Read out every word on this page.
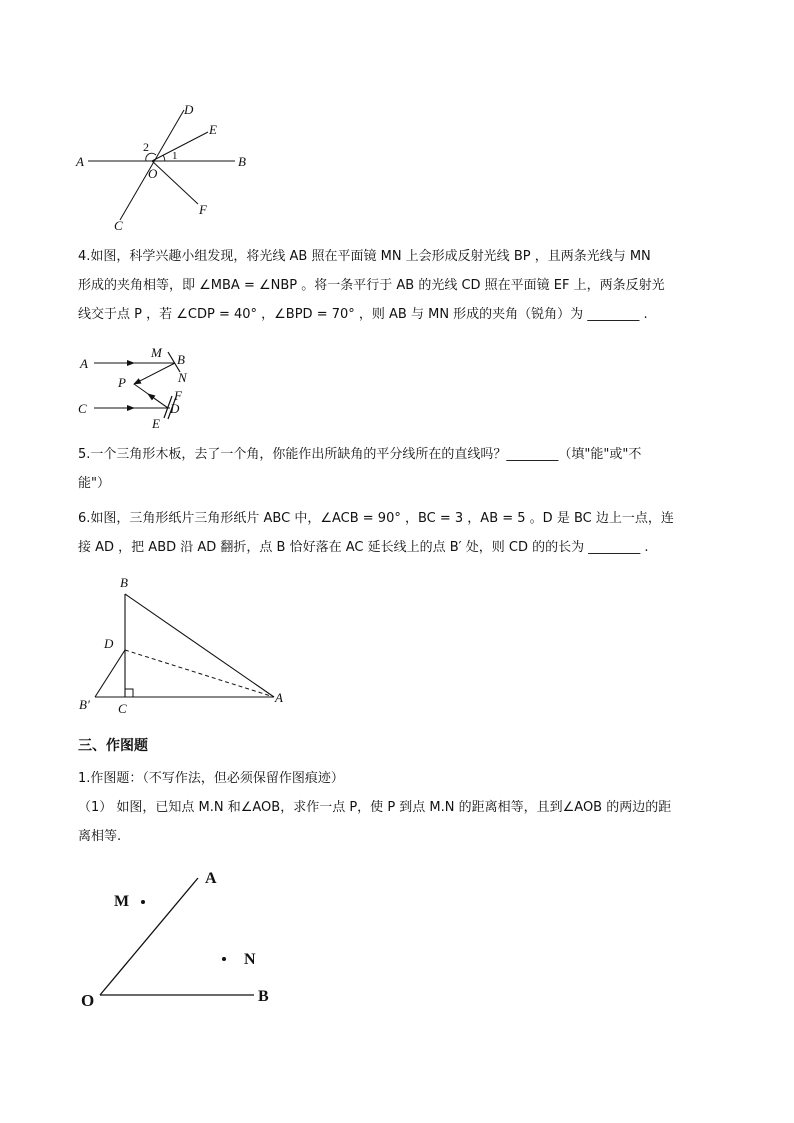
A	B
C
D
E
F
O
1
2
4.如图，科学兴趣小组发现，将光线 AB 照在平面镜 MN 上会形成反射光线 BP ，且两条光线与 MN
形成的夹角相等，即 ∠MBA = ∠NBP 。将一条平行于 AB 的光线 CD 照在平面镜 EF 上，两条反射光
线交于点 P ，若 ∠CDP = 40° ，∠BPD = 70° ，则 AB 与 MN 形成的夹角（锐角）为 ________ .
A
M B
N
P
F
C	D
E
5.一个三角形木板，去了一个角，你能作出所缺角的平分线所在的直线吗？________（填"能"或"不
能"）
6.如图，三角形纸片三角形纸片 ABC 中，∠ACB = 90° ，BC = 3 ，AB = 5 。D 是 BC 边上一点，连
接 AD ，把 ABD 沿 AD 翻折，点 B 恰好落在 AC 延长线上的点 B′ 处，则 CD 的的长为 ________ .
B
D
B′ C
A
三、作图题
1.作图题：（不写作法，但必须保留作图痕迹）
（1） 如图，已知点 M.N 和∠AOB，求作一点 P，使 P 到点 M.N 的距离相等，且到∠AOB 的两边的距
离相等.
A
M
N
O	B
